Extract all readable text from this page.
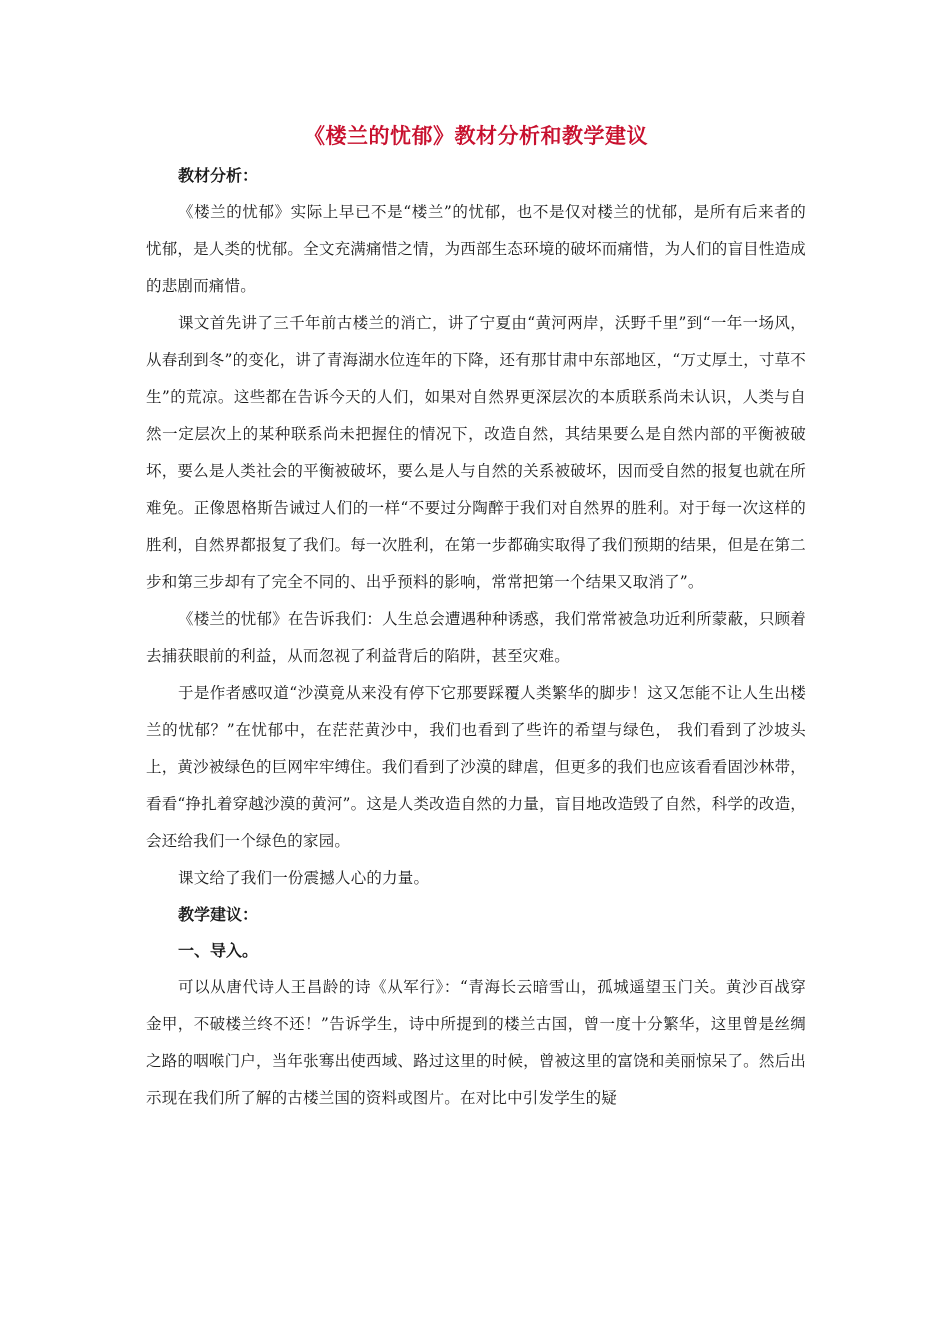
《楼兰的忧郁》教材分析和教学建议

教材分析：

《楼兰的忧郁》实际上早已不是“楼兰”的忧郁，也不是仅对楼兰的忧郁，是所有后来者的忧郁，是人类的忧郁。全文充满痛惜之情，为西部生态环境的破坏而痛惜，为人们的盲目性造成的悲剧而痛惜。

课文首先讲了三千年前古楼兰的消亡，讲了宁夏由“黄河两岸，沃野千里”到“一年一场风，从春刮到冬”的变化，讲了青海湖水位连年的下降，还有那甘肃中东部地区，“万丈厚土，寸草不生”的荒凉。这些都在告诉今天的人们，如果对自然界更深层次的本质联系尚未认识，人类与自然一定层次上的某种联系尚未把握住的情况下，改造自然，其结果要么是自然内部的平衡被破坏，要么是人类社会的平衡被破坏，要么是人与自然的关系被破坏，因而受自然的报复也就在所难免。正像恩格斯告诫过人们的一样“不要过分陶醉于我们对自然界的胜利。对于每一次这样的胜利，自然界都报复了我们。每一次胜利，在第一步都确实取得了我们预期的结果，但是在第二步和第三步却有了完全不同的、出乎预料的影响，常常把第一个结果又取消了”。

《楼兰的忧郁》在告诉我们：人生总会遭遇种种诱惑，我们常常被急功近利所蒙蔽，只顾着去捕获眼前的利益，从而忽视了利益背后的陷阱，甚至灾难。

于是作者感叹道“沙漠竟从来没有停下它那要踩覆人类繁华的脚步！这又怎能不让人生出楼兰的忧郁？”在忧郁中，在茫茫黄沙中，我们也看到了些许的希望与绿色， 我们看到了沙坡头上，黄沙被绿色的巨网牢牢缚住。我们看到了沙漠的肆虐，但更多的我们也应该看看固沙林带，看看“挣扎着穿越沙漠的黄河”。这是人类改造自然的力量，盲目地改造毁了自然，科学的改造，会还给我们一个绿色的家园。

课文给了我们一份震撼人心的力量。

教学建议：

一、导入。

可以从唐代诗人王昌龄的诗《从军行》：“青海长云暗雪山，孤城遥望玉门关。黄沙百战穿金甲，不破楼兰终不还！”告诉学生，诗中所提到的楼兰古国，曾一度十分繁华，这里曾是丝绸之路的咽喉门户，当年张骞出使西域、路过这里的时候，曾被这里的富饶和美丽惊呆了。然后出示现在我们所了解的古楼兰国的资料或图片。在对比中引发学生的疑
